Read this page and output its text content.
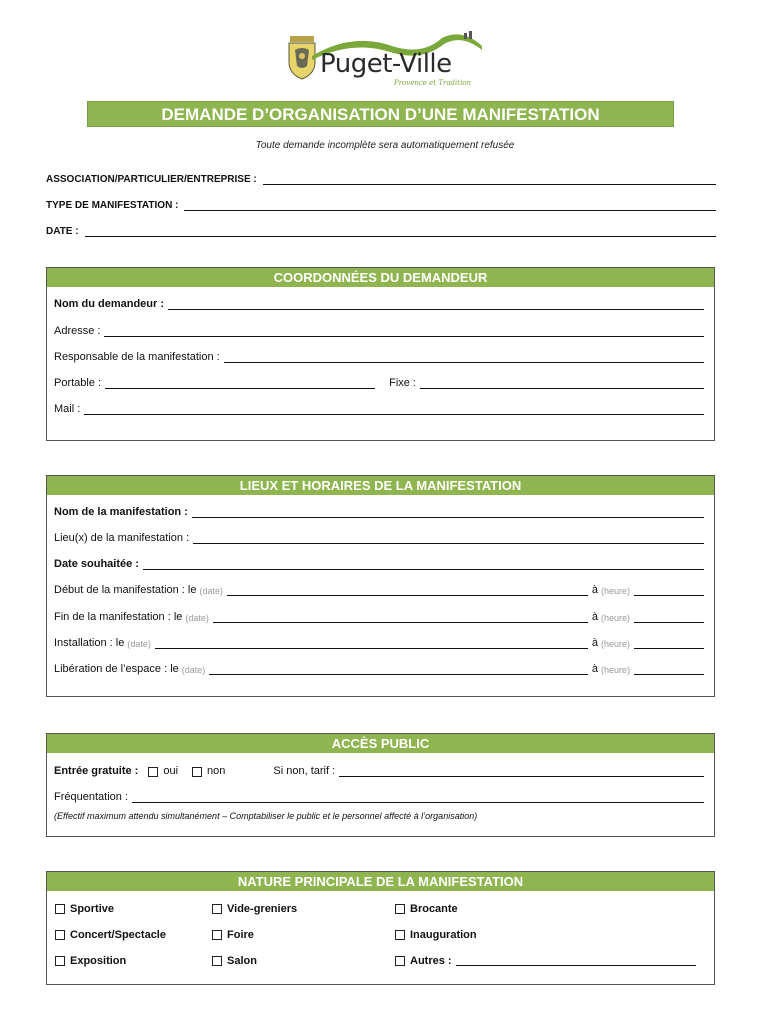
Puget-Ville
Provence et Tradition
DEMANDE D’ORGANISATION D’UNE MANIFESTATION
Toute demande incomplète sera automatiquement refusée
ASSOCIATION/PARTICULIER/ENTREPRISE :
TYPE DE MANIFESTATION :
DATE :
COORDONNÉES DU DEMANDEUR
Nom du demandeur :
Adresse :
Responsable de la manifestation :
Portable :	Fixe :
Mail :
LIEUX ET HORAIRES DE LA MANIFESTATION
Nom de la manifestation :
Lieu(x) de la manifestation :
Date souhaitée :
Début de la manifestation : le (date)	à (heure)
Fin de la manifestation : le (date)	à (heure)
Installation : le (date)	à (heure)
Libération de l’espace : le (date)	à (heure)
ACCÈS PUBLIC
Entrée gratuite : oui	non	Si non, tarif :
Fréquentation :
(Effectif maximum attendu simultanément – Comptabiliser le public et le personnel affecté à l’organisation)
NATURE PRINCIPALE DE LA MANIFESTATION
Sportive	Vide-greniers	Brocante
Concert/Spectacle	Foire	Inauguration
Exposition	Salon	Autres :
